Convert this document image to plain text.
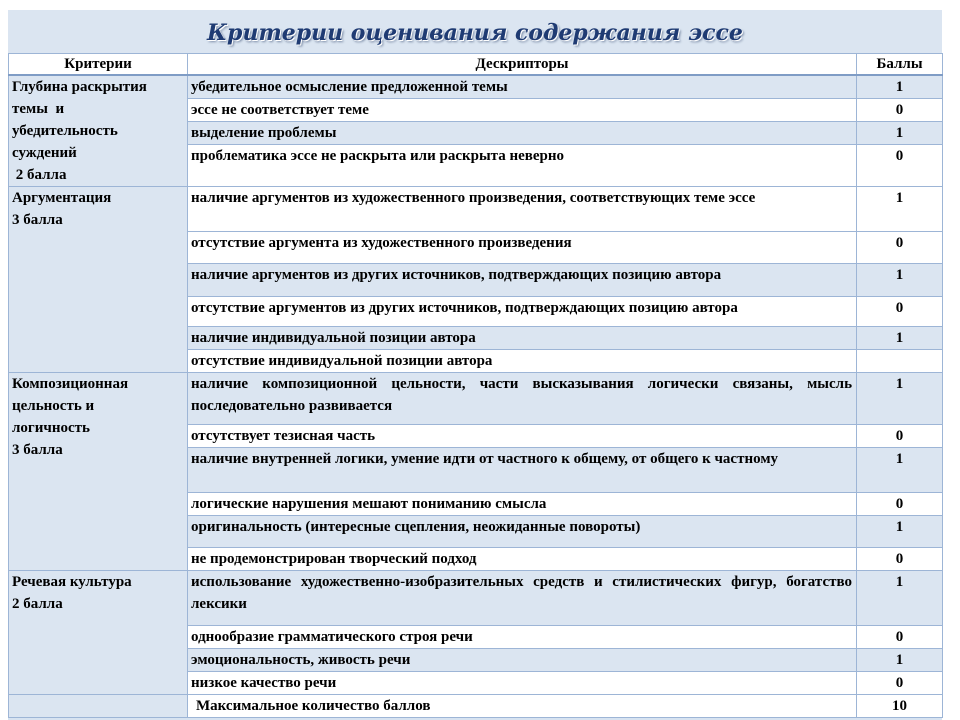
Критерии оценивания содержания эссе
Критерии	Дескрипторы	Баллы

Глубина раскрытия
темы  и
убедительность
суждений
2 балла	убедительное осмысление предложенной темы	1
	эссе не соответствует теме	0
	выделение проблемы	1
	проблематика эссе не раскрыта или раскрыта неверно	0

Аргументация
3 балла	наличие аргументов из художественного произведения, соответствующих теме эссе	1
	отсутствие аргумента из художественного произведения	0
	наличие аргументов из других источников, подтверждающих позицию автора	1
	отсутствие аргументов из других источников, подтверждающих позицию автора	0
	наличие индивидуальной позиции автора	1
	отсутствие индивидуальной позиции автора	

Композиционная
цельность и
логичность
3 балла	наличие композиционной цельности, части высказывания логически связаны, мысль последовательно развивается	1
	отсутствует тезисная часть	0
	наличие внутренней логики, умение идти от частного к общему, от общего к частному	1
	логические нарушения мешают пониманию смысла	0
	оригинальность (интересные сцепления, неожиданные повороты)	1
	не продемонстрирован творческий подход	0

Речевая культура
2 балла	использование художественно-изобразительных средств и стилистических фигур, богатство лексики	1
	однообразие грамматического строя речи	0
	эмоциональность, живость речи	1
	низкое качество речи	0
	Максимальное количество баллов	10
